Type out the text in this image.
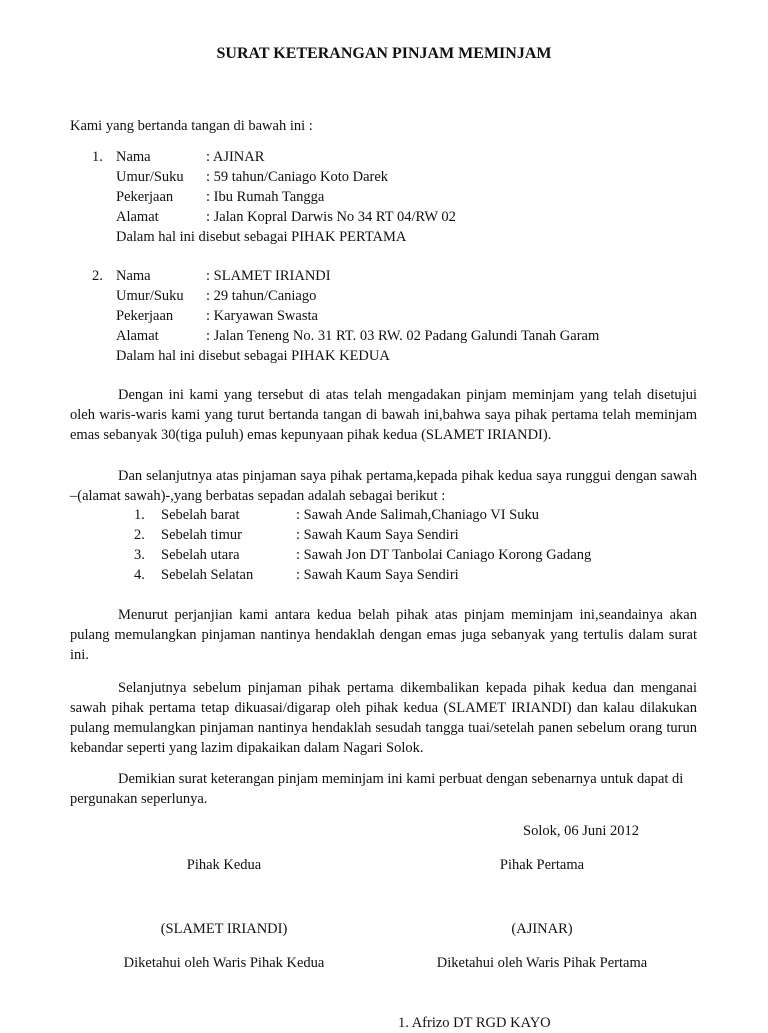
SURAT KETERANGAN PINJAM MEMINJAM
Kami yang bertanda tangan di bawah ini :
1. Nama	: AJINAR
Umur/Suku : 59 tahun/Caniago Koto Darek
Pekerjaan : Ibu Rumah Tangga
Alamat	: Jalan Kopral Darwis No 34 RT 04/RW 02
Dalam hal ini disebut sebagai PIHAK PERTAMA
2. Nama	: SLAMET IRIANDI
Umur/Suku : 29 tahun/Caniago
Pekerjaan : Karyawan Swasta
Alamat	: Jalan Teneng No. 31 RT. 03 RW. 02 Padang Galundi Tanah Garam
Dalam hal ini disebut sebagai PIHAK KEDUA
Dengan ini kami yang tersebut di atas telah mengadakan pinjam meminjam yang telah disetujui oleh waris-waris kami yang turut bertanda tangan di bawah ini,bahwa saya pihak pertama telah meminjam emas sebanyak 30(tiga puluh) emas kepunyaan pihak kedua (SLAMET IRIANDI).
Dan selanjutnya atas pinjaman saya pihak pertama,kepada pihak kedua saya runggui dengan sawah –(alamat sawah)-,yang berbatas sepadan adalah sebagai berikut :
1. Sebelah barat	: Sawah Ande Salimah,Chaniago VI Suku
2. Sebelah timur	: Sawah Kaum Saya Sendiri
3. Sebelah utara	: Sawah Jon DT Tanbolai Caniago Korong Gadang
4. Sebelah Selatan	: Sawah Kaum Saya Sendiri
Menurut perjanjian kami antara kedua belah pihak atas pinjam meminjam ini,seandainya akan pulang memulangkan pinjaman nantinya hendaklah dengan emas juga sebanyak yang tertulis dalam surat ini.
Selanjutnya sebelum pinjaman pihak pertama dikembalikan kepada pihak kedua dan menganai sawah pihak pertama tetap dikuasai/digarap oleh pihak kedua (SLAMET IRIANDI) dan kalau dilakukan pulang memulangkan pinjaman nantinya hendaklah sesudah tangga tuai/setelah panen sebelum orang turun kebandar seperti yang lazim dipakaikan dalam Nagari Solok.
Demikian surat keterangan pinjam meminjam ini kami perbuat dengan sebenarnya untuk dapat di pergunakan seperlunya.
Solok, 06 Juni 2012
Pihak Kedua	Pihak Pertama
(SLAMET IRIANDI)	(AJINAR)
Diketahui oleh Waris Pihak Kedua	Diketahui oleh Waris Pihak Pertama
1. Afrizo DT RGD KAYO
